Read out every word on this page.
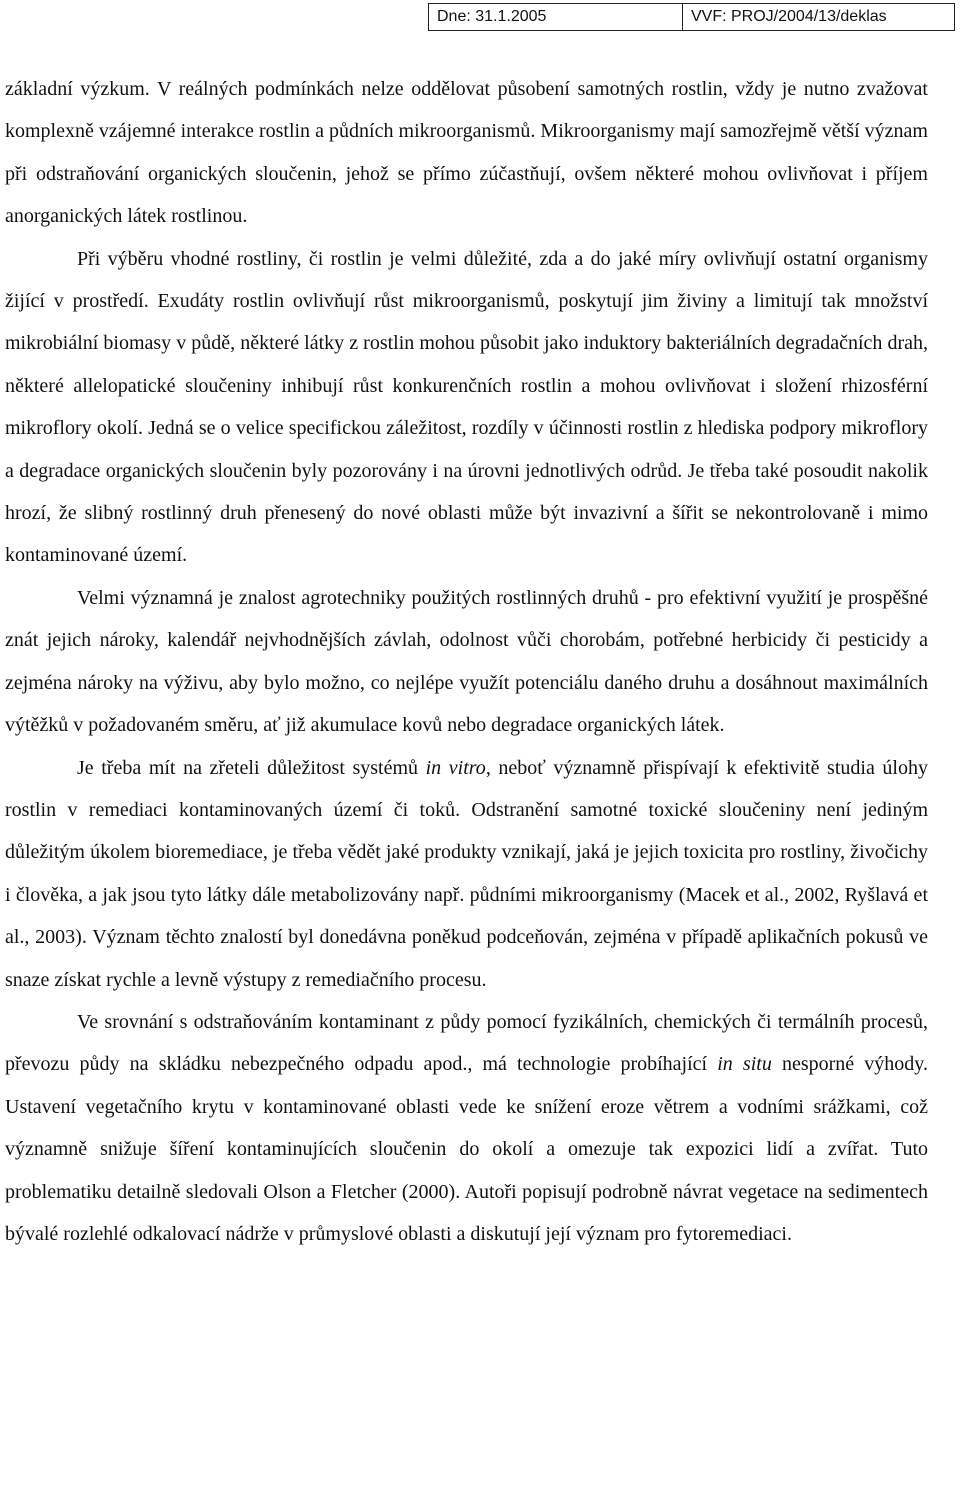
Dne: 31.1.2005	VVF: PROJ/2004/13/deklas

základní výzkum. V reálných podmínkách nelze oddělovat působení samotných rostlin, vždy je nutno zvažovat komplexně vzájemné interakce rostlin a půdních mikroorganismů. Mikroorganismy mají samozřejmě větší význam při odstraňování organických sloučenin, jehož se přímo zúčastňují, ovšem některé mohou ovlivňovat i příjem anorganických látek rostlinou.

Při výběru vhodné rostliny, či rostlin je velmi důležité, zda a do jaké míry ovlivňují ostatní organismy žijící v prostředí. Exudáty rostlin ovlivňují růst mikroorganismů, poskytují jim živiny a limitují tak množství mikrobiální biomasy v půdě, některé látky z rostlin mohou působit jako induktory bakteriálních degradačních drah, některé allelopatické sloučeniny inhibují růst konkurenčních rostlin a mohou ovlivňovat i složení rhizosférní mikroflory okolí. Jedná se o velice specifickou záležitost, rozdíly v účinnosti rostlin z hlediska podpory mikroflory a degradace organických sloučenin byly pozorovány i na úrovni jednotlivých odrůd. Je třeba také posoudit nakolik hrozí, že slibný rostlinný druh přenesený do nové oblasti může být invazivní a šířit se nekontrolovaně i mimo kontaminované území.

Velmi významná je znalost agrotechniky použitých rostlinných druhů - pro efektivní využití je prospěšné znát jejich nároky, kalendář nejvhodnějších závlah, odolnost vůči chorobám, potřebné herbicidy či pesticidy a zejména nároky na výživu, aby bylo možno, co nejlépe využít potenciálu daného druhu a dosáhnout maximálních výtěžků v požadovaném směru, ať již akumulace kovů nebo degradace organických látek.

Je třeba mít na zřeteli důležitost systémů in vitro, neboť významně přispívají k efektivitě studia úlohy rostlin v remediaci kontaminovaných území či toků. Odstranění samotné toxické sloučeniny není jediným důležitým úkolem bioremediace, je třeba vědět jaké produkty vznikají, jaká je jejich toxicita pro rostliny, živočichy i člověka, a jak jsou tyto látky dále metabolizovány např. půdními mikroorganismy (Macek et al., 2002, Ryšlavá et al., 2003). Význam těchto znalostí byl donedávna poněkud podceňován, zejména v případě aplikačních pokusů ve snaze získat rychle a levně výstupy z remediačního procesu.

Ve srovnání s odstraňováním kontaminant z půdy pomocí fyzikálních, chemických či termálníh procesů, převozu půdy na skládku nebezpečného odpadu apod., má technologie probíhající in situ nesporné výhody. Ustavení vegetačního krytu v kontaminované oblasti vede ke snížení eroze větrem a vodními srážkami, což významně snižuje šíření kontaminujících sloučenin do okolí a omezuje tak expozici lidí a zvířat. Tuto problematiku detailně sledovali Olson a Fletcher (2000). Autoři popisují podrobně návrat vegetace na sedimentech bývalé rozlehlé odkalovací nádrže v průmyslové oblasti a diskutují její význam pro fytoremediaci.
